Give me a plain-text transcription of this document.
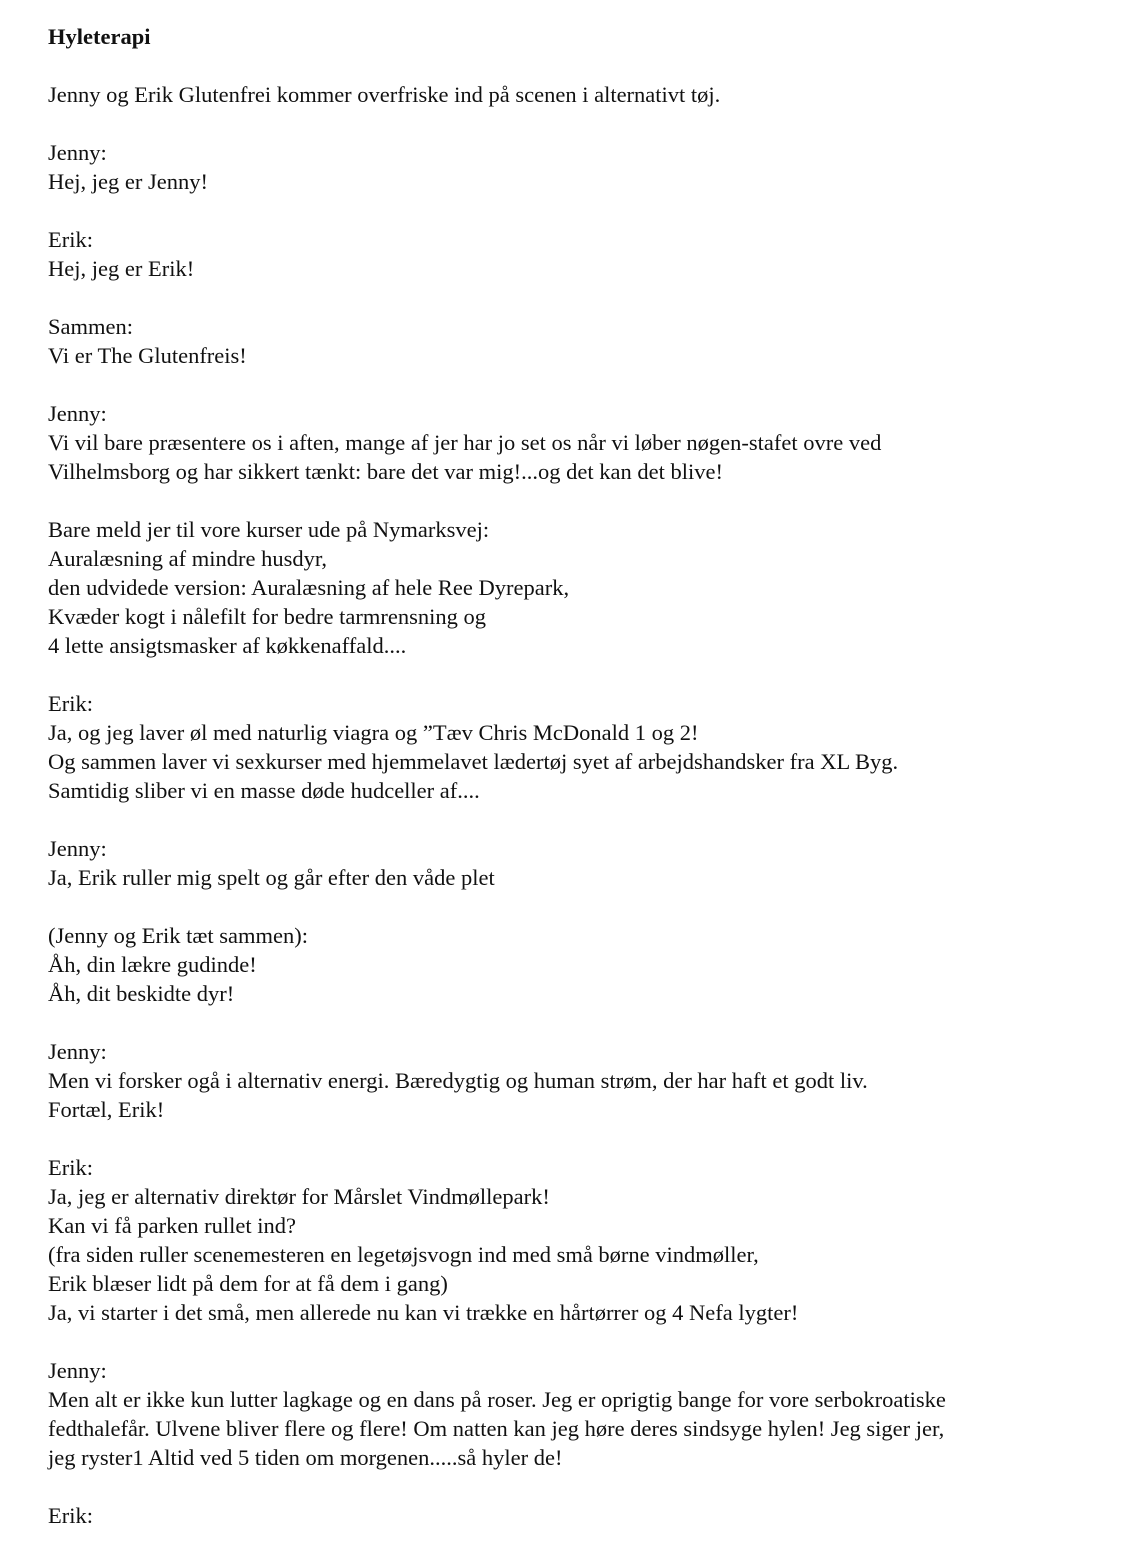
Hyleterapi
Jenny og Erik Glutenfrei kommer overfriske ind på scenen i alternativt tøj.
Jenny:
Hej, jeg er Jenny!
Erik:
Hej, jeg er Erik!
Sammen:
Vi er The Glutenfreis!
Jenny:
Vi vil bare præsentere os i aften, mange af jer har jo set os når vi løber nøgen-stafet ovre ved
Vilhelmsborg og har sikkert tænkt: bare det var mig!...og det kan det blive!
Bare meld jer til vore kurser ude på Nymarksvej:
Auralæsning af mindre husdyr,
den udvidede version: Auralæsning af hele Ree Dyrepark,
Kvæder kogt i nålefilt for bedre tarmrensning og
4 lette ansigtsmasker af køkkenaffald....
Erik:
Ja, og jeg laver øl med naturlig viagra og ”Tæv Chris McDonald 1 og 2!
Og sammen laver vi sexkurser med hjemmelavet lædertøj syet af arbejdshandsker fra XL Byg.
Samtidig sliber vi en masse døde hudceller af....
Jenny:
Ja, Erik ruller mig spelt og går efter den våde plet
(Jenny og Erik tæt sammen):
Åh, din lækre gudinde!
Åh, dit beskidte dyr!
Jenny:
Men vi forsker ogå i alternativ energi. Bæredygtig og human strøm, der har haft et godt liv.
Fortæl, Erik!
Erik:
Ja, jeg er alternativ direktør for Mårslet Vindmøllepark!
Kan vi få parken rullet ind?
(fra siden ruller scenemesteren en legetøjsvogn ind med små børne vindmøller,
Erik blæser lidt på dem for at få dem i gang)
Ja, vi starter i det små, men allerede nu kan vi trække en hårtørrer og 4 Nefa lygter!
Jenny:
Men alt er ikke kun lutter lagkage og en dans på roser. Jeg er oprigtig bange for vore serbokroatiske
fedthalefår. Ulvene bliver flere og flere! Om natten kan jeg høre deres sindsyge hylen! Jeg siger jer,
jeg ryster1 Altid ved 5 tiden om morgenen.....så hyler de!
Erik:
